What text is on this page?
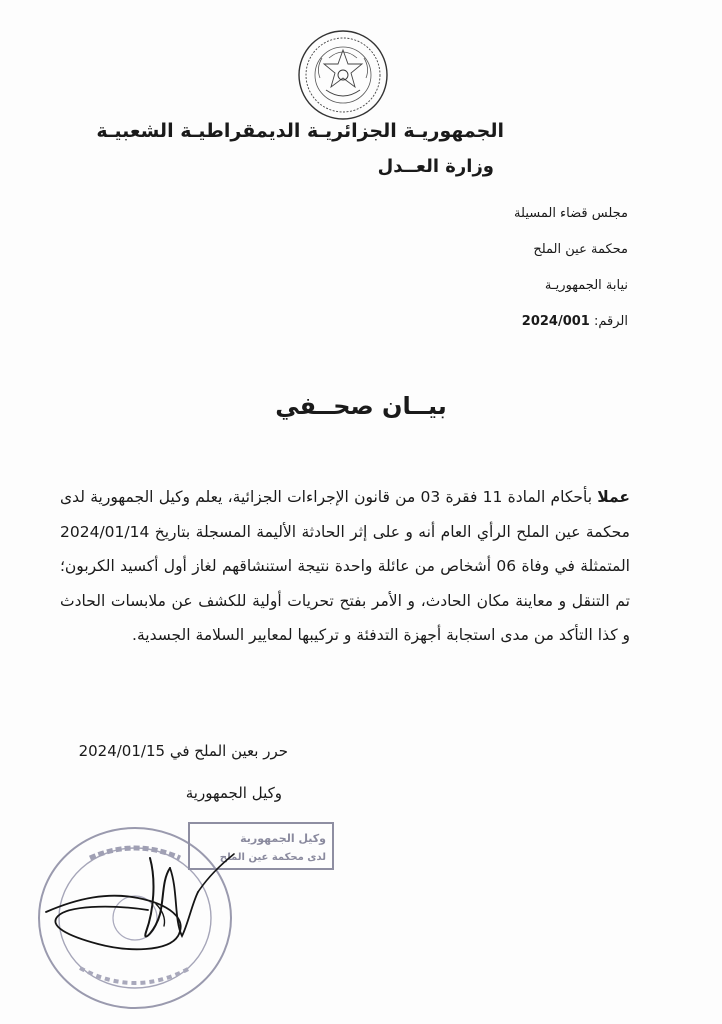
الجمهوريـة الجزائريـة الديمقراطيـة الشعبيـة
وزارة العــدل
مجلس قضاء المسيلة
محكمة عين الملح
نيابة الجمهوريـة
الرقم: 2024/001
بيــان صحــفي
عملا بأحكام المادة 11 فقرة 03 من قانون الإجراءات الجزائية، يعلم وكيل الجمهورية لدى محكمة عين الملح الرأي العام أنه و على إثر الحادثة الأليمة المسجلة بتاريخ 2024/01/14 المتمثلة في وفاة 06 أشخاص من عائلة واحدة نتيجة استنشاقهم لغاز أول أكسيد الكربون؛ تم التنقل و معاينة مكان الحادث، و الأمر بفتح تحريات أولية للكشف عن ملابسات الحادث و كذا التأكد من مدى استجابة أجهزة التدفئة و تركيبها لمعايير السلامة الجسدية.
حرر بعين الملح في 2024/01/15
وكيل الجمهورية
وكيل الجمهورية
لدى محكمة عين الملح
